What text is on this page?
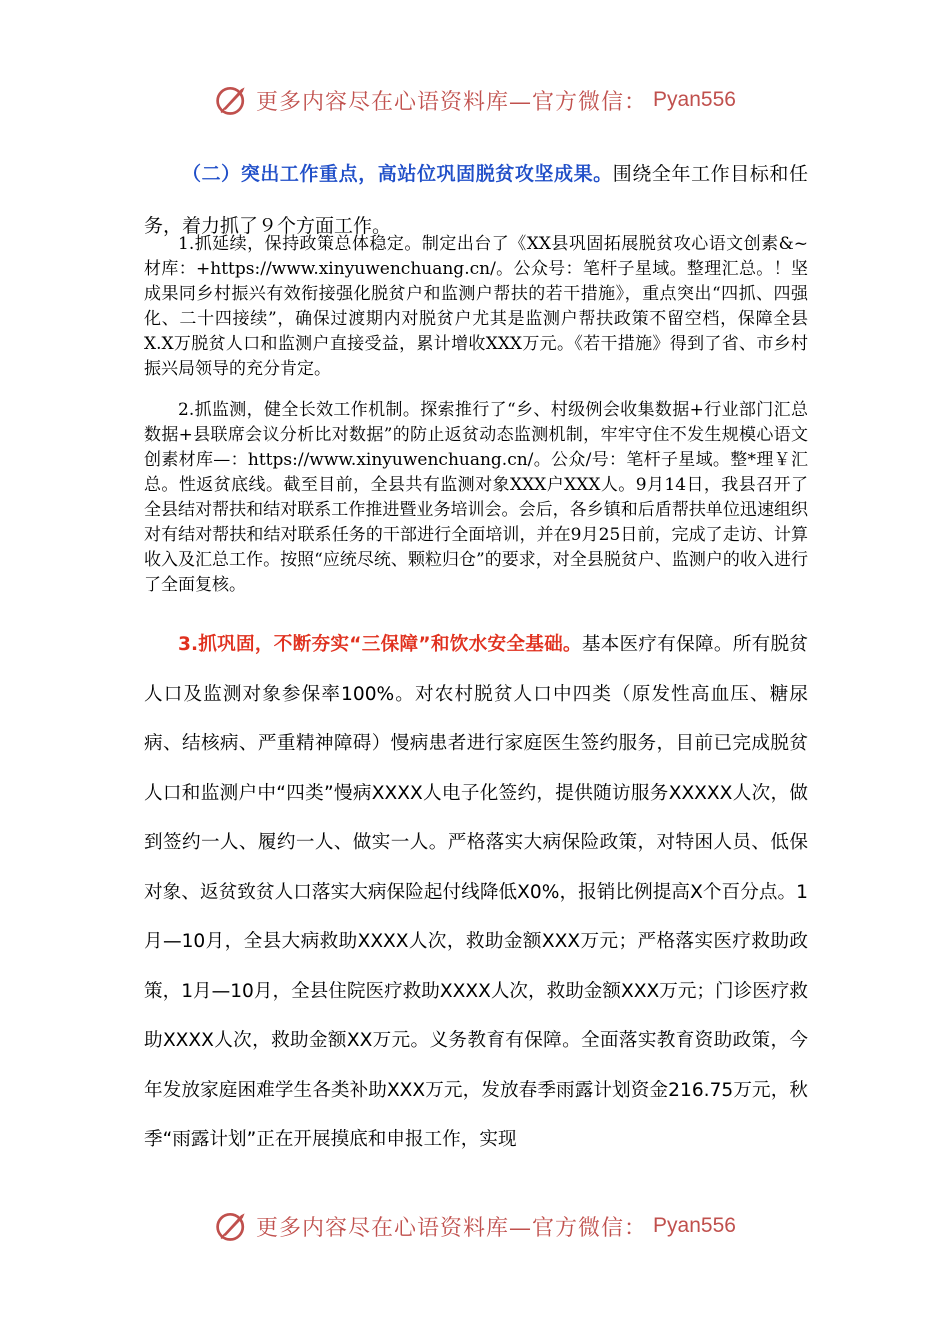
更多内容尽在心语资料库—官方微信： Pyan556
（二）突出工作重点，高站位巩固脱贫攻坚成果。围绕全年工作目标和任务，着力抓了９个方面工作。

1.抓延续，保持政策总体稳定。制定出台了《XX县巩固拓展脱贫攻心语文创素&~材库：+https://www.xinyuwenchuang.cn/。公众号：笔杆子星域。整理汇总。！坚成果同乡村振兴有效衔接强化脱贫户和监测户帮扶的若干措施》，重点突出“四抓、四强化、二十四接续”，确保过渡期内对脱贫户尤其是监测户帮扶政策不留空档，保障全县X.X万脱贫人口和监测户直接受益，累计增收XXX万元。《若干措施》得到了省、市乡村振兴局领导的充分肯定。

2.抓监测，健全长效工作机制。探索推行了“乡、村级例会收集数据+行业部门汇总数据+县联席会议分析比对数据”的防止返贫动态监测机制，牢牢守住不发生规模心语文创素材库—：https://www.xinyuwenchuang.cn/。公众/号：笔杆子星域。整*理￥汇总。性返贫底线。截至目前，全县共有监测对象XXX户XXX人。9月14日，我县召开了全县结对帮扶和结对联系工作推进暨业务培训会。会后，各乡镇和后盾帮扶单位迅速组织对有结对帮扶和结对联系任务的干部进行全面培训，并在9月25日前，完成了走访、计算收入及汇总工作。按照“应统尽统、颗粒归仓”的要求，对全县脱贫户、监测户的收入进行了全面复核。

3.抓巩固，不断夯实“三保障”和饮水安全基础。基本医疗有保障。所有脱贫人口及监测对象参保率100%。对农村脱贫人口中四类（原发性高血压、糖尿病、结核病、严重精神障碍）慢病患者进行家庭医生签约服务，目前已完成脱贫人口和监测户中“四类”慢病XXXX人电子化签约，提供随访服务XXXXX人次，做到签约一人、履约一人、做实一人。严格落实大病保险政策，对特困人员、低保对象、返贫致贫人口落实大病保险起付线降低X0%，报销比例提高X个百分点。1月—10月，全县大病救助XXXX人次，救助金额XXX万元；严格落实医疗救助政策，1月—10月，全县住院医疗救助XXXX人次，救助金额XXX万元；门诊医疗救助XXXX人次，救助金额XX万元。义务教育有保障。全面落实教育资助政策，今年发放家庭困难学生各类补助XXX万元，发放春季雨露计划资金216.75万元，秋季“雨露计划”正在开展摸底和申报工作，实现

更多内容尽在心语资料库—官方微信： Pyan556
